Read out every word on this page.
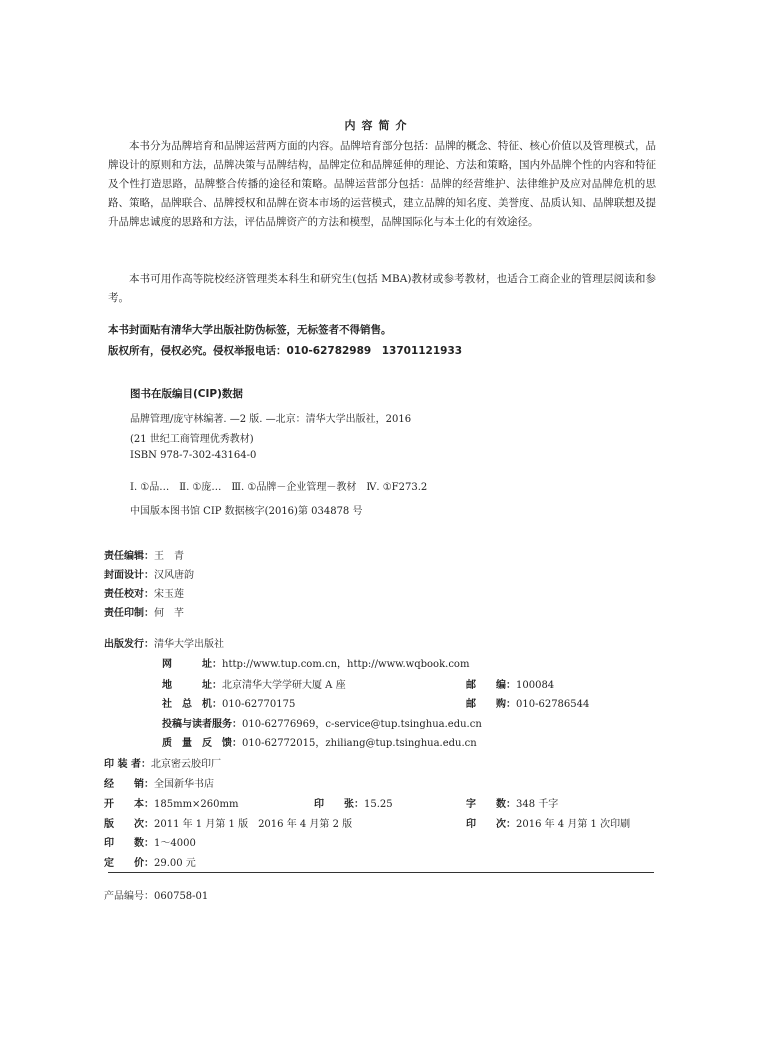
内容简介
本书分为品牌培育和品牌运营两方面的内容。品牌培育部分包括：品牌的概念、特征、核心价值以及管理模式，品牌设计的原则和方法，品牌决策与品牌结构，品牌定位和品牌延伸的理论、方法和策略，国内外品牌个性的内容和特征及个性打造思路，品牌整合传播的途径和策略。品牌运营部分包括：品牌的经营维护、法律维护及应对品牌危机的思路、策略，品牌联合、品牌授权和品牌在资本市场的运营模式，建立品牌的知名度、美誉度、品质认知、品牌联想及提升品牌忠诚度的思路和方法，评估品牌资产的方法和模型，品牌国际化与本土化的有效途径。
本书可用作高等院校经济管理类本科生和研究生(包括 MBA)教材或参考教材，也适合工商企业的管理层阅读和参考。
本书封面贴有清华大学出版社防伪标签，无标签者不得销售。
版权所有，侵权必究。侵权举报电话：010-62782989　13701121933
图书在版编目(CIP)数据
品牌管理/庞守林编著. —2 版. —北京：清华大学出版社，2016
(21 世纪工商管理优秀教材)
ISBN 978-7-302-43164-0
Ⅰ. ①品…　Ⅱ. ①庞…　Ⅲ. ①品牌－企业管理－教材　Ⅳ. ①F273.2
中国版本图书馆 CIP 数据核字(2016)第 034878 号
责任编辑：王　青
封面设计：汉风唐韵
责任校对：宋玉莲
责任印制：何　芊
出版发行：清华大学出版社
网　　　址：http://www.tup.com.cn，http://www.wqbook.com
地　　　址：北京清华大学学研大厦 A 座	邮　　编：100084
社　总　机：010-62770175	邮　　购：010-62786544
投稿与读者服务：010-62776969，c-service@tup.tsinghua.edu.cn
质　量　反　馈：010-62772015，zhiliang@tup.tsinghua.edu.cn
印 装 者：北京密云胶印厂
经　　销：全国新华书店
开　　本：185mm×260mm	印　　张：15.25	字　　数：348 千字
版　　次：2011 年 1 月第 1 版　2016 年 4 月第 2 版	印　　次：2016 年 4 月第 1 次印刷
印　　数：1～4000
定　　价：29.00 元
产品编号：060758-01
